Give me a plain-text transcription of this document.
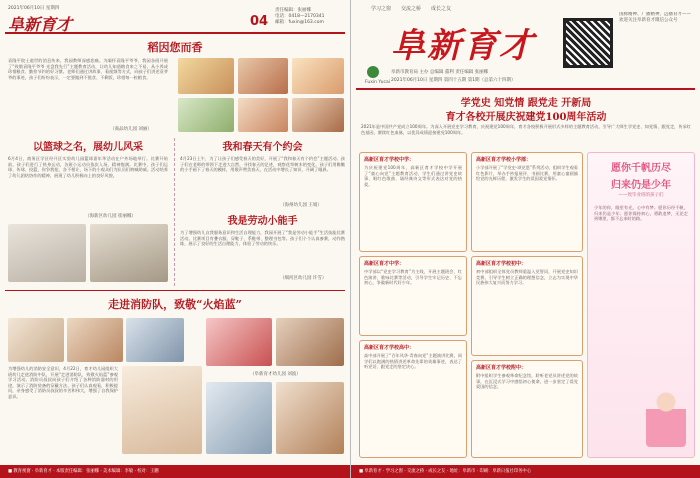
2021年06月10日 星期四
阜新育才	04
责任编辑：张丽娜
电话：0418—2170341
邮箱：fuxin@163.com
稻因您而香
袁隆平院士逝世的消息传来，我园教师深感悲痛。为缅怀袁隆平爷爷，我园各班开展了“致敬袁隆平爷爷 光盘我先行”主题教育活动，让幼儿知道粮食来之不易，从小养成珍惜粮食、勤俭节约的好习惯。老师们通过讲故事、看视频等方式，向孩子们讲述袁爷爷的事迹，孩子们纷纷表示，一定要做到不挑食、不剩饭，珍惜每一粒粮食。
（商品幼儿园 刘丽）
以篮球之名，展幼儿风采
6月4日，商务区学区经开区实验幼儿园篮球嘉年华活动在户外场地举行。比赛开始前，孩子们进行了热身运动，各班小运动员依次入场，精神饱满。比赛中，孩子们运球、传球、投篮，你争我抢，各不相让，场下的小观众们为队员们呐喊助威。活动培养了幼儿团结协作的精神，展现了幼儿积极向上的良好风貌。
（海新区幼儿园 崔丽娜）
我和春天有个约会
4月23日上午，为了让孩子们感受春天的美好，开展了“我和春天有个约会”主题活动。孩子们在老师的带领下走进大自然，寻找春天的足迹，观察花草树木的变化。孩子们用稚嫩的小手画下了春天的模样，用歌声赞美春天，在活动中增长了知识，开阔了眼界。
（海州幼儿园 王娟）
我是劳动小能手
为了增强幼儿自我服务意识和生活自理能力，我园开展了“我是劳动小能手”生活技能比赛活动。比赛项目有叠衣服、穿鞋子、系鞋带、整理书包等。孩子们个个认真参赛，动作熟练，展示了良好的生活自理能力，体验了劳动的快乐。
（细河区幼儿园 许雪）
走进消防队，致敬“火焰蓝”
为增强幼儿的消防安全意识，4月22日，育才幼儿园组织大班幼儿走进消防中队，开展“走进消防队，致敬火焰蓝”参观学习活动。消防员叔叔向孩子们介绍了各种消防器材的用途，演示了消防装备的穿戴方法。孩子们认真观看，积极提问，亲身感受了消防员叔叔的辛苦和伟大，增强了自我保护意识。
（阜新育才幼儿园 刘波）
■ 教育视窗 · 阜新育才 · 本版责任编辑：张丽娜 · 美术编辑：李敏 · 校对：王鹏
学习之窗 交流之桥 成长之友
阜新育才
Fuxin Yucai
阜新市教育局 主办 总编辑 董利 责任编辑 张丽娜
2021年06月10日 星期四 第四十五期 第1期（总第六十四期）
国脉精神、广播精神，远播育才——欢迎关注阜新育才微信公众号
学党史 知党情 跟党走 开新局
育才各校开展庆祝建党100周年活动
2021年是中国共产党成立100周年。为深入开展党史学习教育，庆祝建党100周年，育才各校积极开展形式多样的主题教育活动，引导广大师生学党史、知党情、跟党走，传承红色基因，赓续红色血脉，以优异成绩迎接建党100周年。
高新区育才学校中学：
为庆祝建党100周年，高新区育才学校中学开展了“童心向党”主题教育活动，学生们通过讲党史故事、唱红色歌曲、诵经典诗文等形式表达对党的热爱。
高新区育才中学：
中学部以“党史学习教育”为主线，开展主题班会、红色演讲、歌咏比赛等活动，引导学生牢记历史、不忘初心，争做新时代好少年。
高新区育才学校高中：
高中部开展了“百年风华·青春向党”主题演讲比赛，同学们以饱满的热情讲述革命先辈的英雄事迹，表达了听党话、跟党走的坚定决心。
高新区育才学校小学部：
小学部开展了“学党史·颂党恩”系列活动，组织学生观看红色影片，举办手抄报展评、书画比赛，用童心童画描绘党的光辉历程，激发学生的爱国爱党情怀。
高新区育才学校初中：
初中部组织全体党员教师重温入党誓词，开展党史知识竞赛，引导学生树立正确的理想信念，立志为实现中华民族伟大复兴而努力学习。
高新区育才学校附中：
附中组织学生参观革命纪念馆，聆听老党员讲述党的故事，在沉浸式学习中感悟初心使命，进一步坚定了爱党爱国的信念。
愿你千帆历尽
归来仍是少年
——致毕业班的孩子们
少年的你，眼里有光，心中有梦。愿你历经千帆，归来仍是少年；愿你保持初心，勇敢追梦，无论走到哪里，都不忘来时的路。
■ 阜新育才 · 学习之窗 · 交流之桥 · 成长之友 · 地址：阜新市 · 印刷：阜新日报社印务中心
